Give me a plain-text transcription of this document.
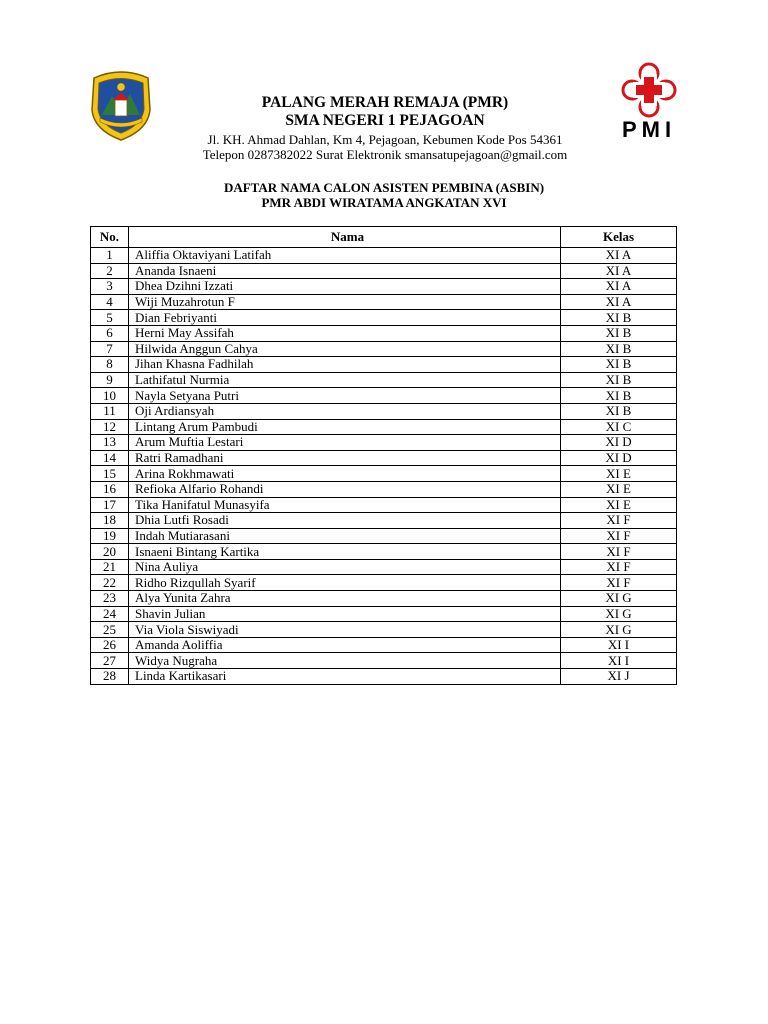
PALANG MERAH REMAJA (PMR)
SMA NEGERI 1 PEJAGOAN
Jl. KH. Ahmad Dahlan, Km 4, Pejagoan, Kebumen Kode Pos 54361
Telepon 0287382022 Surat Elektronik smansatupejagoan@gmail.com
PMI
DAFTAR NAMA CALON ASISTEN PEMBINA (ASBIN)
PMR ABDI WIRATAMA ANGKATAN XVI
No.	Nama	Kelas
1	Aliffia Oktaviyani Latifah	XI A
2	Ananda Isnaeni	XI A
3	Dhea Dzihni Izzati	XI A
4	Wiji Muzahrotun F	XI A
5	Dian Febriyanti	XI B
6	Herni May Assifah	XI B
7	Hilwida Anggun Cahya	XI B
8	Jihan Khasna Fadhilah	XI B
9	Lathifatul Nurmia	XI B
10	Nayla Setyana Putri	XI B
11	Oji Ardiansyah	XI B
12	Lintang Arum Pambudi	XI C
13	Arum Muftia Lestari	XI D
14	Ratri Ramadhani	XI D
15	Arina Rokhmawati	XI E
16	Refioka Alfario Rohandi	XI E
17	Tika Hanifatul Munasyifa	XI E
18	Dhia Lutfi Rosadi	XI F
19	Indah Mutiarasani	XI F
20	Isnaeni Bintang Kartika	XI F
21	Nina Auliya	XI F
22	Ridho Rizqullah Syarif	XI F
23	Alya Yunita Zahra	XI G
24	Shavin Julian	XI G
25	Via Viola Siswiyadi	XI G
26	Amanda Aoliffia	XI I
27	Widya Nugraha	XI I
28	Linda Kartikasari	XI J
